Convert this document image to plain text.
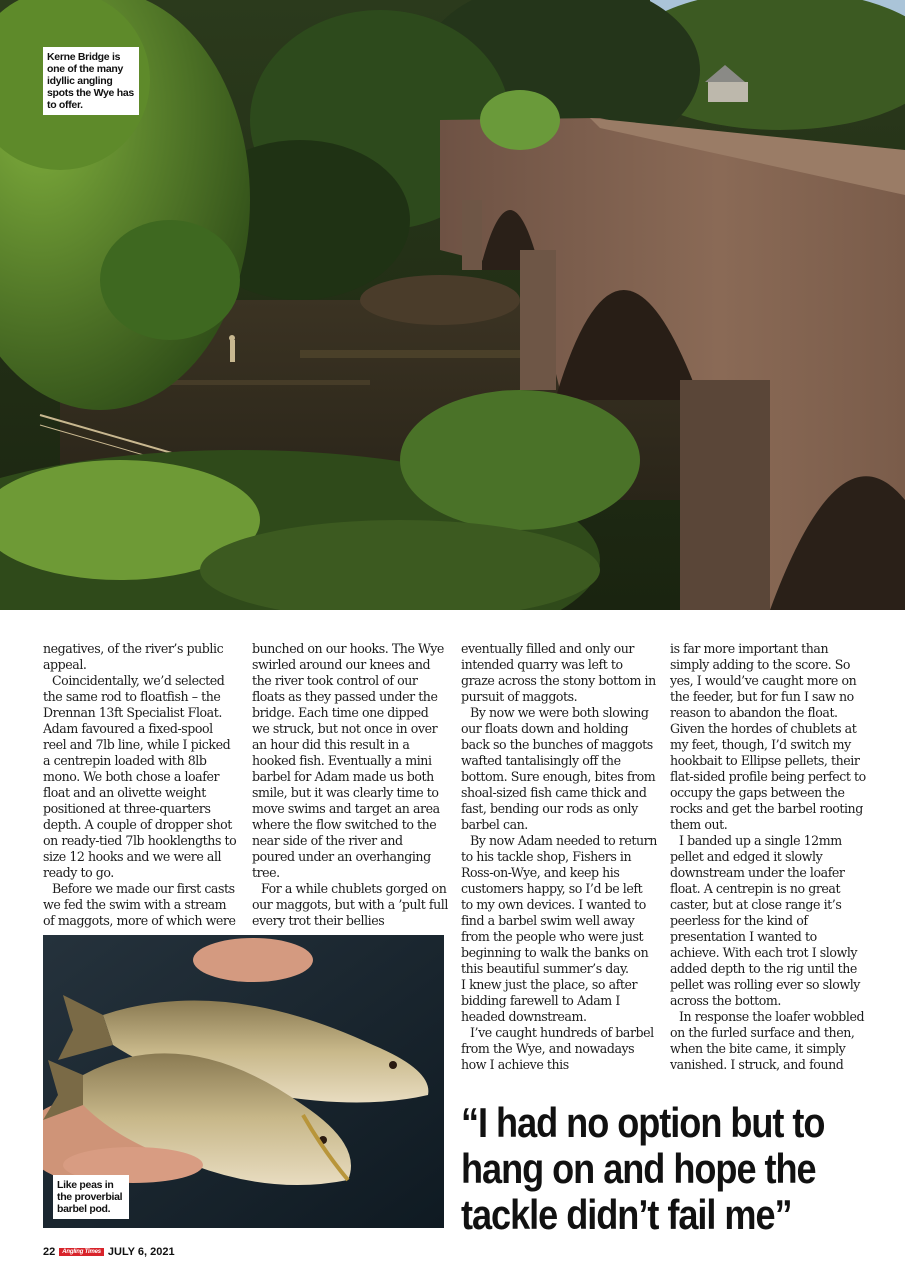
Kerne Bridge is one of the many idyllic angling spots the Wye has to offer.

negatives, of the river’s public appeal.

Coincidentally, we’d selected the same rod to floatfish – the Drennan 13ft Specialist Float. Adam favoured a fixed-spool reel and 7lb line, while I picked a centrepin loaded with 8lb mono. We both chose a loafer float and an olivette weight positioned at three-quarters depth. A couple of dropper shot on ready-tied 7lb hooklengths to size 12 hooks and we were all ready to go.

Before we made our first casts we fed the swim with a stream of maggots, more of which were

bunched on our hooks. The Wye swirled around our knees and the river took control of our floats as they passed under the bridge. Each time one dipped we struck, but not once in over an hour did this result in a hooked fish. Eventually a mini barbel for Adam made us both smile, but it was clearly time to move swims and target an area where the flow switched to the near side of the river and poured under an overhanging tree.

For a while chublets gorged on our maggots, but with a ’pult full every trot their bellies

eventually filled and only our intended quarry was left to graze across the stony bottom in pursuit of maggots.

By now we were both slowing our floats down and holding back so the bunches of maggots wafted tantalisingly off the bottom. Sure enough, bites from shoal-sized fish came thick and fast, bending our rods as only barbel can.

By now Adam needed to return to his tackle shop, Fishers in Ross-on-Wye, and keep his customers happy, so I’d be left to my own devices. I wanted to find a barbel swim well away from the people who were just beginning to walk the banks on this beautiful summer’s day.

I knew just the place, so after bidding farewell to Adam I headed downstream.

I’ve caught hundreds of barbel from the Wye, and nowadays how I achieve this

is far more important than simply adding to the score. So yes, I would’ve caught more on the feeder, but for fun I saw no reason to abandon the float. Given the hordes of chublets at my feet, though, I’d switch my hookbait to Ellipse pellets, their flat-sided profile being perfect to occupy the gaps between the rocks and get the barbel rooting them out.

I banded up a single 12mm pellet and edged it slowly downstream under the loafer float. A centrepin is no great caster, but at close range it’s peerless for the kind of presentation I wanted to achieve. With each trot I slowly added depth to the rig until the pellet was rolling ever so slowly across the bottom.

In response the loafer wobbled on the furled surface and then, when the bite came, it simply vanished. I struck, and found

Like peas in the proverbial barbel pod.
“I had no option but to hang on and hope the tackle didn’t fail me”
22	Angling Times JULY 6, 2021
